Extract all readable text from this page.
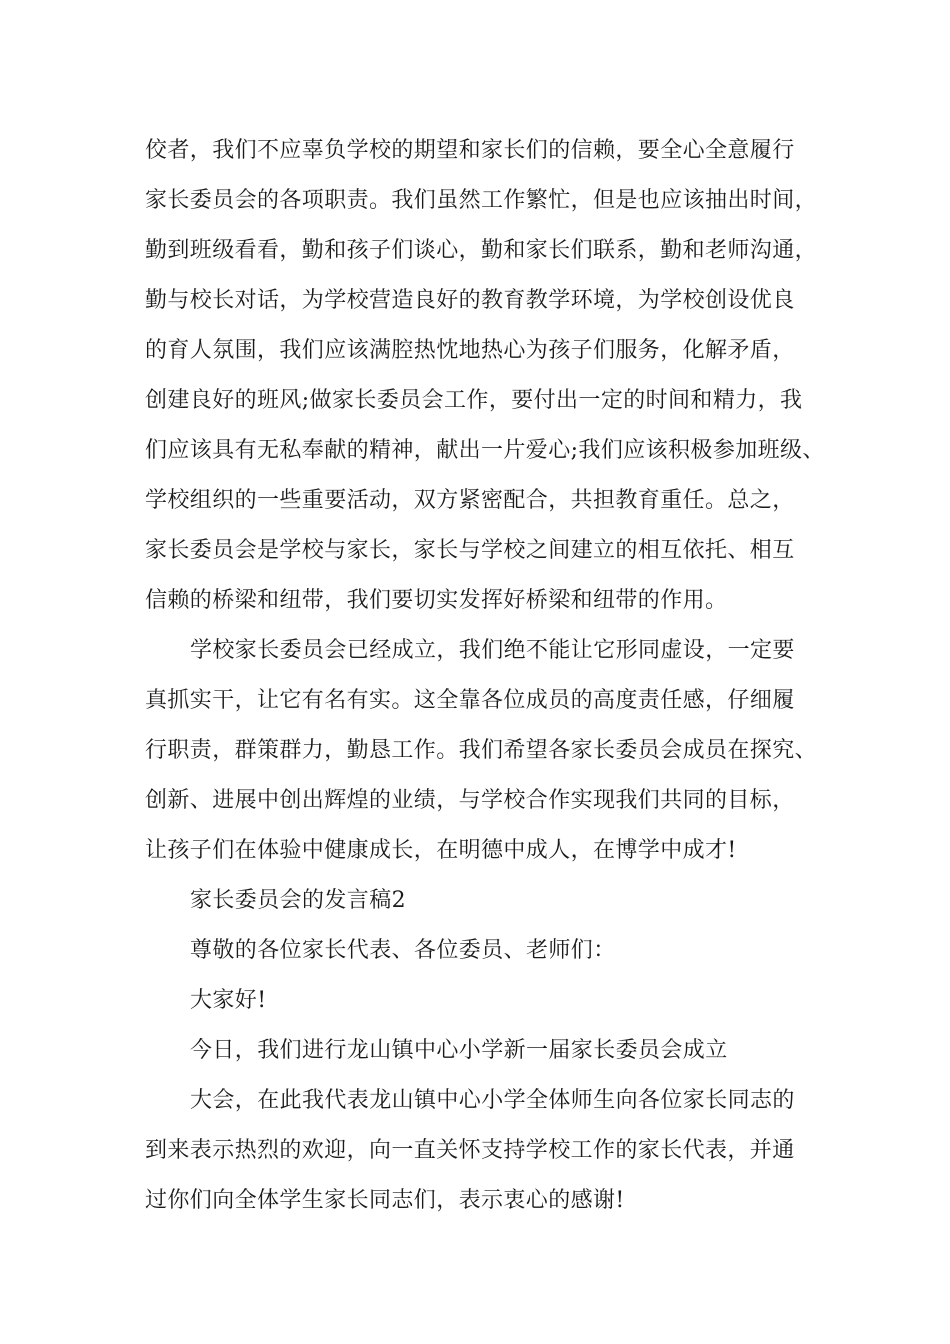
佼者，我们不应辜负学校的期望和家长们的信赖，要全心全意履行
家长委员会的各项职责。我们虽然工作繁忙，但是也应该抽出时间，
勤到班级看看，勤和孩子们谈心，勤和家长们联系，勤和老师沟通，
勤与校长对话，为学校营造良好的教育教学环境，为学校创设优良
的育人氛围，我们应该满腔热忱地热心为孩子们服务，化解矛盾，
创建良好的班风;做家长委员会工作，要付出一定的时间和精力，我
们应该具有无私奉献的精神，献出一片爱心;我们应该积极参加班级、
学校组织的一些重要活动，双方紧密配合，共担教育重任。总之，
家长委员会是学校与家长，家长与学校之间建立的相互依托、相互
信赖的桥梁和纽带，我们要切实发挥好桥梁和纽带的作用。
学校家长委员会已经成立，我们绝不能让它形同虚设，一定要
真抓实干，让它有名有实。这全靠各位成员的高度责任感，仔细履
行职责，群策群力，勤恳工作。我们希望各家长委员会成员在探究、
创新、进展中创出辉煌的业绩，与学校合作实现我们共同的目标，
让孩子们在体验中健康成长，在明德中成人，在博学中成才!
家长委员会的发言稿2
尊敬的各位家长代表、各位委员、老师们：
大家好!
今日，我们进行龙山镇中心小学新一届家长委员会成立
大会，在此我代表龙山镇中心小学全体师生向各位家长同志的
到来表示热烈的欢迎，向一直关怀支持学校工作的家长代表，并通
过你们向全体学生家长同志们，表示衷心的感谢!
